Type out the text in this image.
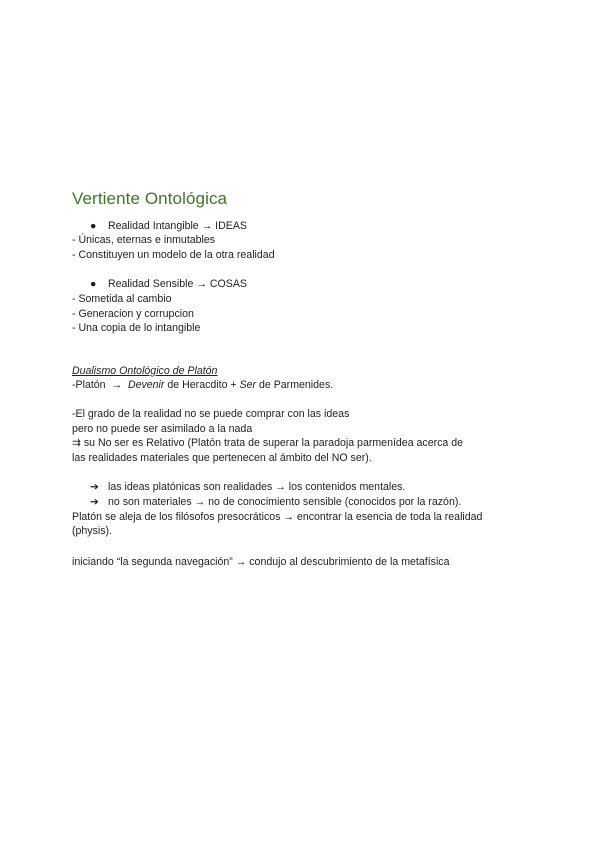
Vertiente Ontológica
● Realidad Intangible → IDEAS
- Únicas, eternas e inmutables
- Constituyen un modelo de la otra realidad
● Realidad Sensible → COSAS
- Sometida al cambio
- Generacion y corrupcion
- Una copia de lo intangible
Dualismo Ontológico de Platón
-Platón  →  Devenir de Heracdito + Ser de Parmenides.
-El grado de la realidad no se puede comprar con las ideas
pero no puede ser asimilado a la nada
⇉ su No ser es Relativo (Platón trata de superar la paradoja parmenídea acerca de
las realidades materiales que pertenecen al ámbito del NO ser).
➔ las ideas platónicas son realidades → los contenidos mentales.
➔ no son materiales → no de conocimiento sensible (conocidos por la razón).
Platón se aleja de los filósofos presocráticos → encontrar la esencia de toda la realidad
(physis).
iniciando “la segunda navegación” → condujo al descubrimiento de la metafísica
